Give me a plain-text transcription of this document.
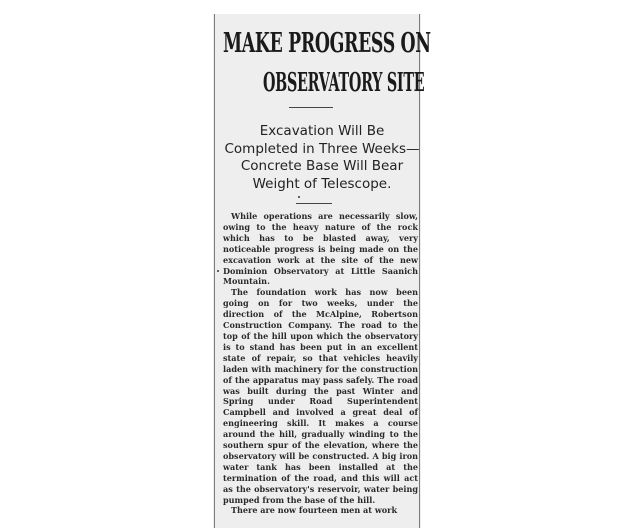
MAKE PROGRESS ON
OBSERVATORY SITE

Excavation Will Be Completed in Three Weeks—Concrete Base Will Bear Weight of Telescope.

While operations are necessarily slow, owing to the heavy nature of the rock which has to be blasted away, very noticeable progress is being made on the excavation work at the site of the new Dominion Observatory at Little Saanich Mountain.

The foundation work has now been going on for two weeks, under the direction of the McAlpine, Robertson Construction Company. The road to the top of the hill upon which the observatory is to stand has been put in an excellent state of repair, so that vehicles heavily laden with machinery for the construction of the apparatus may pass safely. The road was built during the past Winter and Spring under Road Superintendent Campbell and involved a great deal of engineering skill. It makes a course around the hill, gradually winding to the southern spur of the elevation, where the observatory will be constructed. A big iron water tank has been installed at the termination of the road, and this will act as the observatory's reservoir, water being pumped from the base of the hill.

There are now fourteen men at work
